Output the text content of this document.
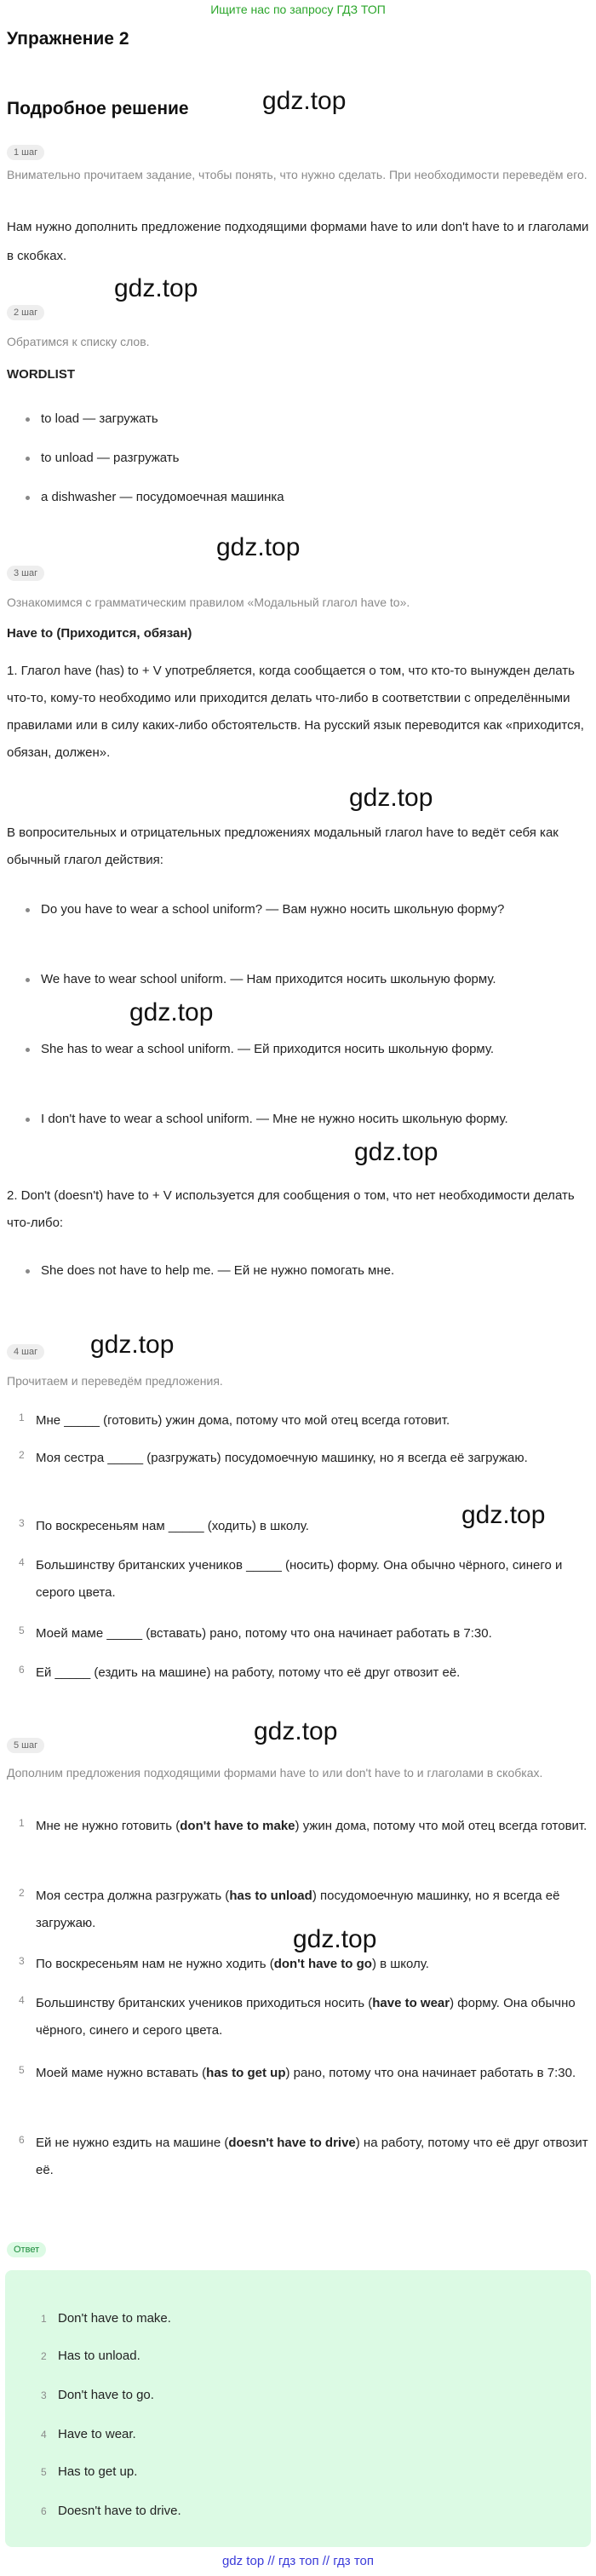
Ищите нас по запросу ГДЗ ТОП
Упражнение 2
Подробное решение	gdz.top
gdz.top
gdz.top
gdz.top
gdz.top
gdz.top
gdz.top
gdz.top
gdz.top
gdz.top
1 шаг
Внимательно прочитаем задание, чтобы понять, что нужно сделать. При необходимости переведём его.
Нам нужно дополнить предложение подходящими формами have to или don't have to и глаголами в скобках.
2 шаг
Обратимся к списку слов.
WORDLIST
to load — загружать
to unload — разгружать
a dishwasher — посудомоечная машинка
3 шаг
Ознакомимся с грамматическим правилом «Модальный глагол have to».
Have to (Приходится, обязан)
1. Глагол have (has) to + V употребляется, когда сообщается о том, что кто-то вынужден делать что-то, кому-то необходимо или приходится делать что-либо в соответствии с определёнными правилами или в силу каких-либо обстоятельств. На русский язык переводится как «приходится, обязан, должен».
В вопросительных и отрицательных предложениях модальный глагол have to ведёт себя как обычный глагол действия:
Do you have to wear a school uniform? — Вам нужно носить школьную форму?
We have to wear school uniform. — Нам приходится носить школьную форму.
She has to wear a school uniform. — Ей приходится носить школьную форму.
I don't have to wear a school uniform. — Мне не нужно носить школьную форму.
2. Don't (doesn't) have to + V используется для сообщения о том, что нет необходимости делать что-либо:
She does not have to help me. — Ей не нужно помогать мне.
4 шаг
Прочитаем и переведём предложения.
1 Мне _____ (готовить) ужин дома, потому что мой отец всегда готовит.
2 Моя сестра _____ (разгружать) посудомоечную машинку, но я всегда её загружаю.
3 По воскресеньям нам _____ (ходить) в школу.
4 Большинству британских учеников _____ (носить) форму. Она обычно чёрного, синего и серого цвета.
5 Моей маме _____ (вставать) рано, потому что она начинает работать в 7:30.
6 Ей _____ (ездить на машине) на работу, потому что её друг отвозит её.
5 шаг
Дополним предложения подходящими формами have to или don't have to и глаголами в скобках.
1 Мне не нужно готовить (don't have to make) ужин дома, потому что мой отец всегда готовит.
2 Моя сестра должна разгружать (has to unload) посудомоечную машинку, но я всегда её загружаю.
3 По воскресеньям нам не нужно ходить (don't have to go) в школу.
4 Большинству британских учеников приходиться носить (have to wear) форму. Она обычно чёрного, синего и серого цвета.
5 Моей маме нужно вставать (has to get up) рано, потому что она начинает работать в 7:30.
6 Ей не нужно ездить на машине (doesn't have to drive) на работу, потому что её друг отвозит её.
Ответ
1 Don't have to make.
2 Has to unload.
3 Don't have to go.
4 Have to wear.
5 Has to get up.
6 Doesn't have to drive.
gdz top // гдз топ // гдз топ
